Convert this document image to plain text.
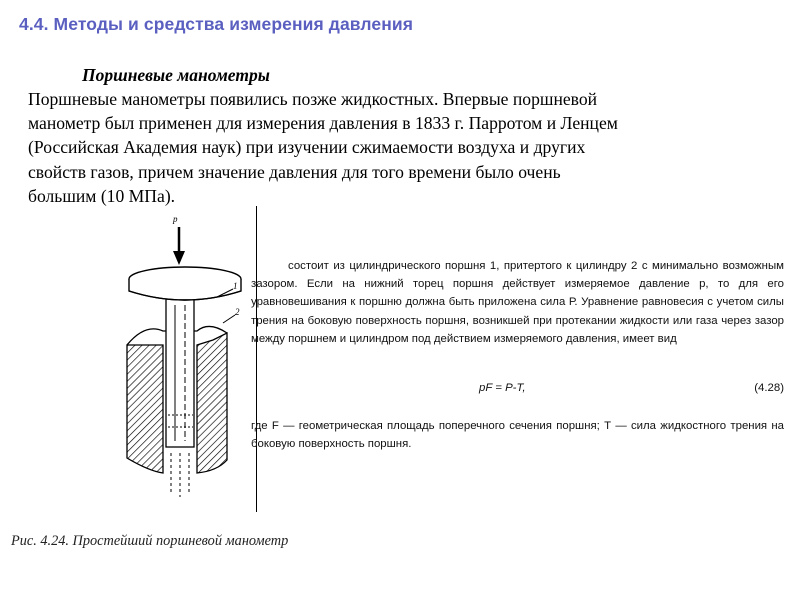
4.4. Методы и средства измерения давления
Поршневые манометры
Поршневые манометры появились позже жидкостных. Впервые поршневой
манометр был применен для измерения давления в 1833 г. Парротом и Ленцем
(Российская Академия наук) при изучении сжимаемости воздуха и других
свойств газов, причем значение давления для того времени было очень
большим (10 МПа).
p
1
2
состоит из цилиндрического поршня 1, притертого к цилиндру 2 с минимально возможным зазором. Если на нижний торец поршня действует измеряемое давление р, то для его уравновешивания к поршню должна быть приложена сила Р. Уравнение равновесия с учетом силы трения на боковую поверхность поршня, возникшей при протекании жидкости или газа через зазор между поршнем и цилиндром под действием измеряемого давления, имеет вид
pF = P-T,	(4.28)
где F — геометрическая площадь поперечного сечения поршня; Т — сила жидкостного трения на боковую поверхность поршня.
Рис. 4.24. Простейший поршневой манометр
